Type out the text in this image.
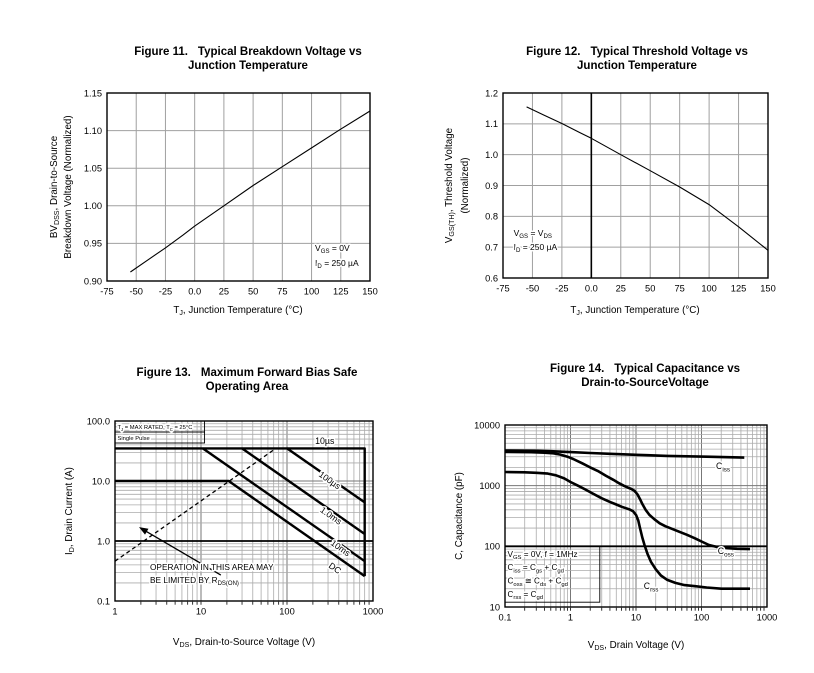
Figure 11. Typical Breakdown Voltage vs
Junction Temperature
$V_{GS} = 0V$
$I_D = 250$ µA
-75 -50 -25 0.0 25 50 75 100 125 150
0.90
0.95
1.00
1.05
1.10
1.15
$T_J$, Junction Temperature (°C)
$BV_{DSS}$, Drain-to-Source Breakdown Voltage (Normalized)
Figure 12. Typical Threshold Voltage vs
Junction Temperature
$V_{GS} = V_{DS}$
$I_D = 250$ µA
-75 -50 -25 0.0 25 50 75 100 125 150
0.6
0.7
0.8
0.9
1.0
1.1
1.2
$T_J$, Junction Temperature (°C)
$V_{GS(TH)}$, Threshold Voltage (Normalized)
Figure 13. Maximum Forward Bias Safe
Operating Area
10µs
100µs
1.0ms
10ms
DC
OPERATION IN THIS AREA MAY
BE LIMITED BY $R_{DS(ON)}$
$T_J$ = MAX RATED, $T_C = 25^\circ C$
Single Pulse
1	10	100	1000
100.0
10.0
1.0
0.1
$V_{DS}$, Drain-to-Source Voltage (V)
$I_D$, Drain Current (A)
Figure 14. Typical Capacitance vs
Drain-to-SourceVoltage
$C_{iss}$
$C_{oss}$
$C_{rss}$
$V_{GS} = 0V$, f = 1MHz
$C_{iss} = C_{gs} + C_{gd}$
$C_{oss}$ ≅ $C_{ds} + C_{gd}$
$C_{rss} = C_{gd}$
0.1	1	10	100	1000
10000
1000
100
10
$V_{DS}$, Drain Voltage (V)
C, Capacitance (pF)
